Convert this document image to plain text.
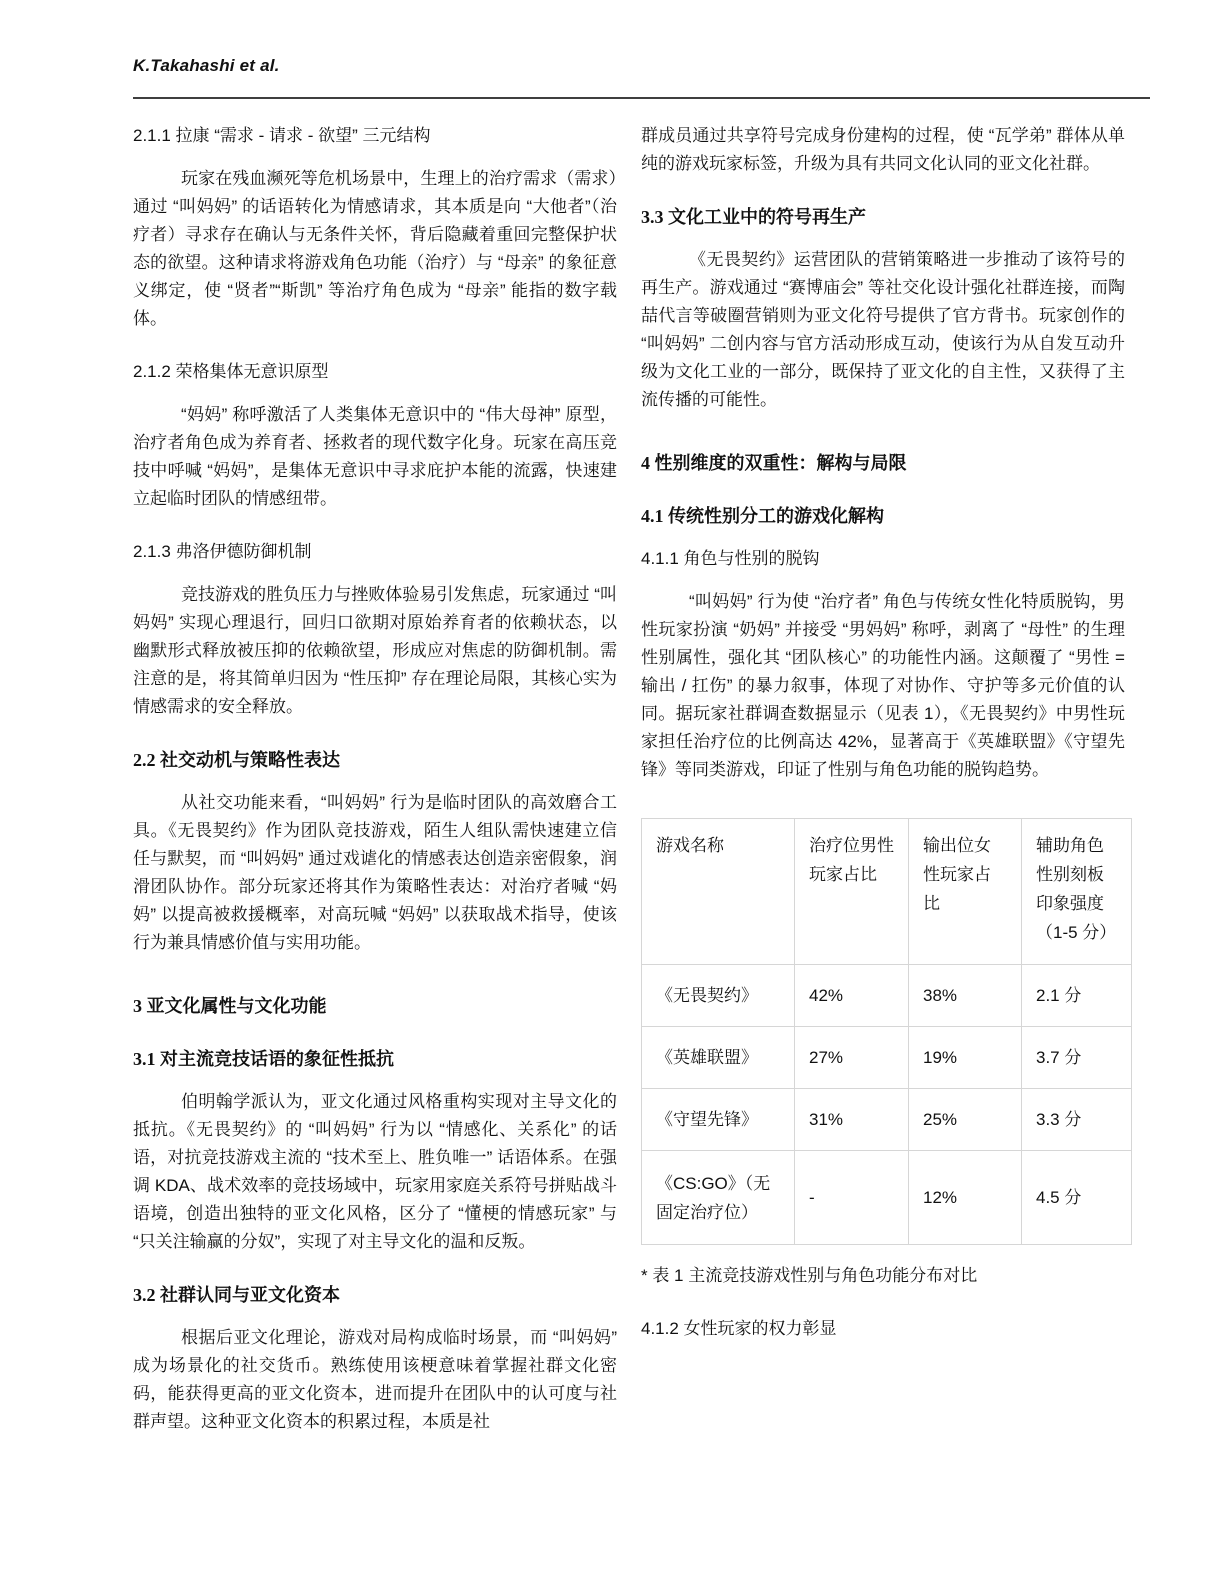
K.Takahashi et al.
2.1.1 拉康 “需求 - 请求 - 欲望” 三元结构

玩家在残血濒死等危机场景中，生理上的治疗需求（需求）通过 “叫妈妈” 的话语转化为情感请求，其本质是向 “大他者”（治疗者）寻求存在确认与无条件关怀，背后隐藏着重回完整保护状态的欲望。这种请求将游戏角色功能（治疗）与 “母亲” 的象征意义绑定，使 “贤者”“斯凯” 等治疗角色成为 “母亲” 能指的数字载体。

2.1.2 荣格集体无意识原型

“妈妈” 称呼激活了人类集体无意识中的 “伟大母神” 原型，治疗者角色成为养育者、拯救者的现代数字化身。玩家在高压竞技中呼喊 “妈妈”，是集体无意识中寻求庇护本能的流露，快速建立起临时团队的情感纽带。

2.1.3 弗洛伊德防御机制

竞技游戏的胜负压力与挫败体验易引发焦虑，玩家通过 “叫妈妈” 实现心理退行，回归口欲期对原始养育者的依赖状态，以幽默形式释放被压抑的依赖欲望，形成应对焦虑的防御机制。需注意的是，将其简单归因为 “性压抑” 存在理论局限，其核心实为情感需求的安全释放。

2.2 社交动机与策略性表达

从社交功能来看，“叫妈妈” 行为是临时团队的高效磨合工具。《无畏契约》作为团队竞技游戏，陌生人组队需快速建立信任与默契，而 “叫妈妈” 通过戏谑化的情感表达创造亲密假象，润滑团队协作。部分玩家还将其作为策略性表达：对治疗者喊 “妈妈” 以提高被救援概率，对高玩喊 “妈妈” 以获取战术指导，使该行为兼具情感价值与实用功能。

3 亚文化属性与文化功能
3.1 对主流竞技话语的象征性抵抗

伯明翰学派认为，亚文化通过风格重构实现对主导文化的抵抗。《无畏契约》的 “叫妈妈” 行为以 “情感化、关系化” 的话语，对抗竞技游戏主流的 “技术至上、胜负唯一” 话语体系。在强调 KDA、战术效率的竞技场域中，玩家用家庭关系符号拼贴战斗语境，创造出独特的亚文化风格，区分了 “懂梗的情感玩家” 与 “只关注输赢的分奴”，实现了对主导文化的温和反叛。

3.2 社群认同与亚文化资本

根据后亚文化理论，游戏对局构成临时场景，而 “叫妈妈” 成为场景化的社交货币。熟练使用该梗意味着掌握社群文化密码，能获得更高的亚文化资本，进而提升在团队中的认可度与社群声望。这种亚文化资本的积累过程，本质是社

群成员通过共享符号完成身份建构的过程，使 “瓦学弟” 群体从单纯的游戏玩家标签，升级为具有共同文化认同的亚文化社群。

3.3 文化工业中的符号再生产

《无畏契约》运营团队的营销策略进一步推动了该符号的再生产。游戏通过 “赛博庙会” 等社交化设计强化社群连接，而陶喆代言等破圈营销则为亚文化符号提供了官方背书。玩家创作的 “叫妈妈” 二创内容与官方活动形成互动，使该行为从自发互动升级为文化工业的一部分，既保持了亚文化的自主性，又获得了主流传播的可能性。

4 性别维度的双重性：解构与局限
4.1 传统性别分工的游戏化解构
4.1.1 角色与性别的脱钩

“叫妈妈” 行为使 “治疗者” 角色与传统女性化特质脱钩，男性玩家扮演 “奶妈” 并接受 “男妈妈” 称呼，剥离了 “母性” 的生理性别属性，强化其 “团队核心” 的功能性内涵。这颠覆了 “男性 = 输出 / 扛伤” 的暴力叙事，体现了对协作、守护等多元价值的认同。据玩家社群调查数据显示（见表 1），《无畏契约》中男性玩家担任治疗位的比例高达 42%，显著高于《英雄联盟》《守望先锋》等同类游戏，印证了性别与角色功能的脱钩趋势。

游戏名称	治疗位男性玩家占比	输出位女性玩家占比	辅助角色性别刻板印象强度（1-5 分）
《无畏契约》	42%	38%	2.1 分
《英雄联盟》	27%	19%	3.7 分
《守望先锋》	31%	25%	3.3 分
《CS:GO》（无固定治疗位）	-	12%	4.5 分
* 表 1 主流竞技游戏性别与角色功能分布对比
4.1.2 女性玩家的权力彰显
